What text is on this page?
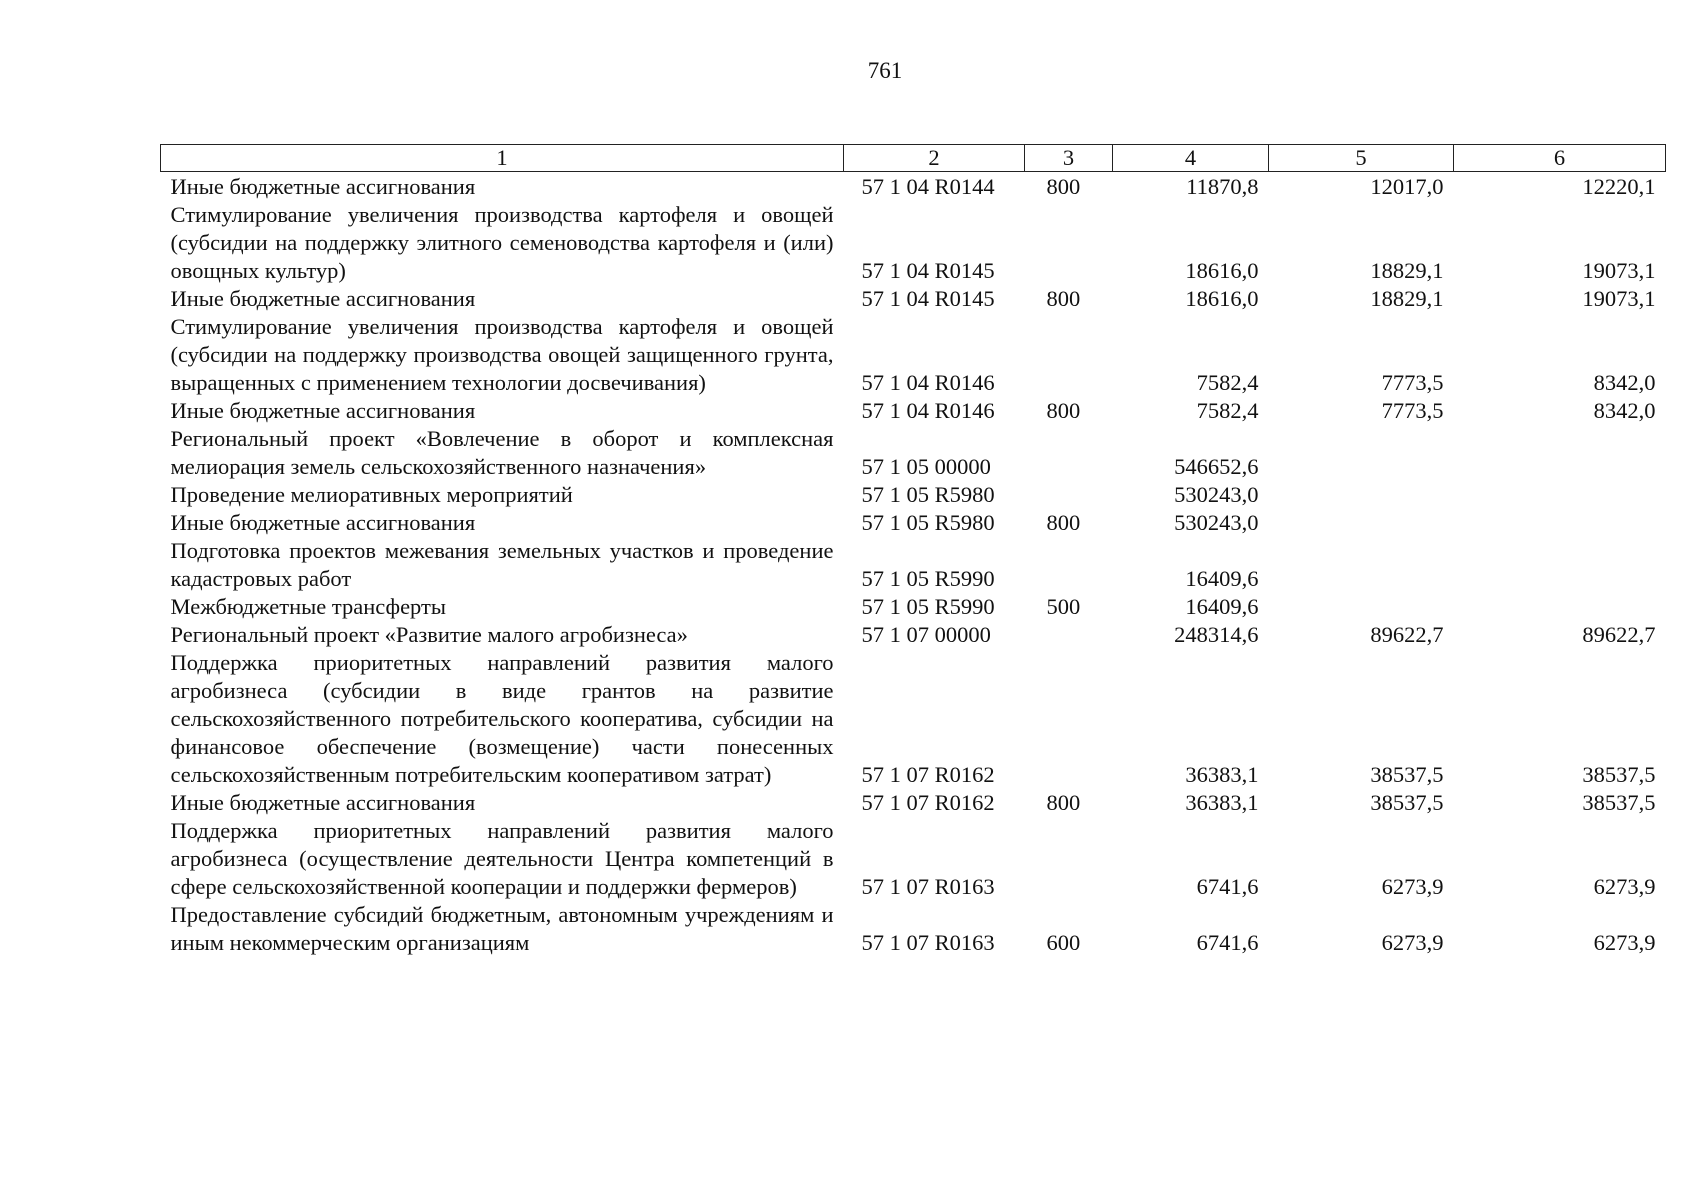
761
1	2	3	4	5	6
Иные бюджетные ассигнования	57 1 04 R0144	800	11870,8	12017,0	12220,1
Стимулирование увеличения производства картофеля и овощей (субсидии на поддержку элитного семеноводства картофеля и (или) овощных культур)	57 1 04 R0145		18616,0	18829,1	19073,1
Иные бюджетные ассигнования	57 1 04 R0145	800	18616,0	18829,1	19073,1
Стимулирование увеличения производства картофеля и овощей (субсидии на поддержку производства овощей защищенного грунта, выращенных с применением технологии досвечивания)	57 1 04 R0146		7582,4	7773,5	8342,0
Иные бюджетные ассигнования	57 1 04 R0146	800	7582,4	7773,5	8342,0
Региональный проект «Вовлечение в оборот и комплексная мелиорация земель сельскохозяйственного назначения»	57 1 05 00000		546652,6		
Проведение мелиоративных мероприятий	57 1 05 R5980		530243,0		
Иные бюджетные ассигнования	57 1 05 R5980	800	530243,0		
Подготовка проектов межевания земельных участков и проведение кадастровых работ	57 1 05 R5990		16409,6		
Межбюджетные трансферты	57 1 05 R5990	500	16409,6		
Региональный проект «Развитие малого агробизнеса»	57 1 07 00000		248314,6	89622,7	89622,7
Поддержка приоритетных направлений развития малого агробизнеса (субсидии в виде грантов на развитие сельскохозяйственного потребительского кооператива, субсидии на финансовое обеспечение (возмещение) части понесенных сельскохозяйственным потребительским кооперативом затрат)	57 1 07 R0162		36383,1	38537,5	38537,5
Иные бюджетные ассигнования	57 1 07 R0162	800	36383,1	38537,5	38537,5
Поддержка приоритетных направлений развития малого агробизнеса (осуществление деятельности Центра компетенций в сфере сельскохозяйственной кооперации и поддержки фермеров)	57 1 07 R0163		6741,6	6273,9	6273,9
Предоставление субсидий бюджетным, автономным учреждениям и иным некоммерческим организациям	57 1 07 R0163	600	6741,6	6273,9	6273,9
